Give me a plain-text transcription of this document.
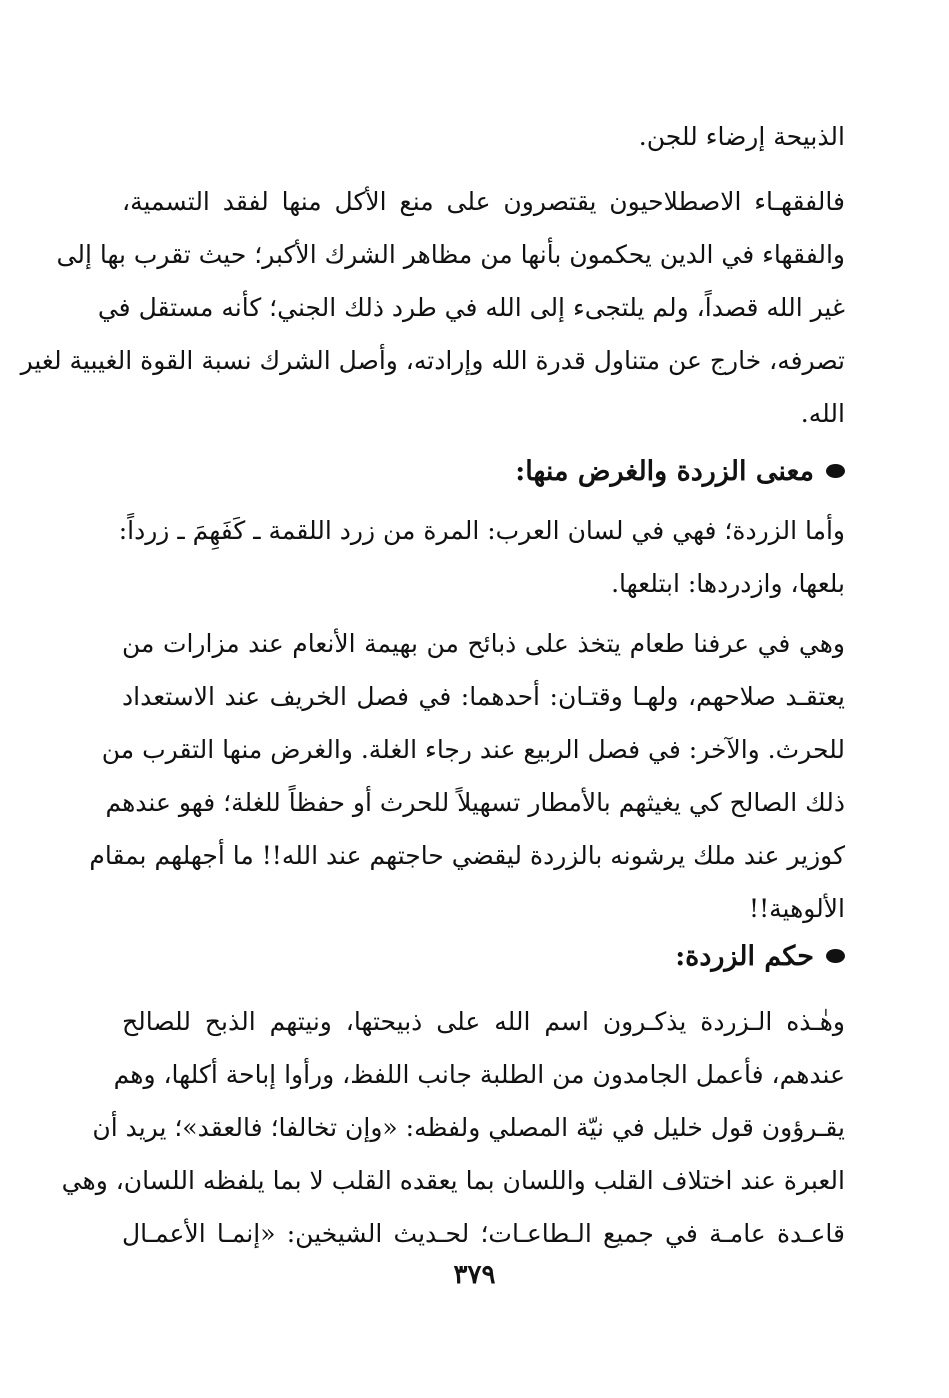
الذبيحة إرضاء للجن.
فالفقهـاء الاصطلاحيون يقتصرون على منع الأكل منها لفقد التسمية،
والفقهاء في الدين يحكمون بأنها من مظاهر الشرك الأكبر؛ حيث تقرب بها إلى
غير الله قصداً، ولم يلتجىء إلى الله في طرد ذلك الجني؛ كأنه مستقل في
تصرفه، خارج عن متناول قدرة الله وإرادته، وأصل الشرك نسبة القوة الغيبية لغير
الله.
معنى الزردة والغرض منها:
وأما الزردة؛ فهي في لسان العرب: المرة من زرد اللقمة ـ كَفَهِمَ ـ زرداً:
بلعها، وازدردها: ابتلعها.
وهي في عرفنا طعام يتخذ على ذبائح من بهيمة الأنعام عند مزارات من
يعتقـد صلاحهم، ولهـا وقتـان: أحدهما: في فصل الخريف عند الاستعداد
للحرث. والآخر: في فصل الربيع عند رجاء الغلة. والغرض منها التقرب من
ذلك الصالح كي يغيثهم بالأمطار تسهيلاً للحرث أو حفظاً للغلة؛ فهو عندهم
كوزير عند ملك يرشونه بالزردة ليقضي حاجتهم عند الله!! ما أجهلهم بمقام
الألوهية!!
حكم الزردة:
وهٰـذه الـزردة يذكـرون اسم الله على ذبيحتها، ونيتهم الذبح للصالح
عندهم، فأعمل الجامدون من الطلبة جانب اللفظ، ورأوا إباحة أكلها، وهم
يقـرؤون قول خليل في نيّة المصلي ولفظه: «وإن تخالفا؛ فالعقد»؛ يريد أن
العبرة عند اختلاف القلب واللسان بما يعقده القلب لا بما يلفظه اللسان، وهي
قاعـدة عامـة في جميع الـطاعـات؛ لحـديث الشيخين: «إنمـا الأعمـال
٣٧٩
